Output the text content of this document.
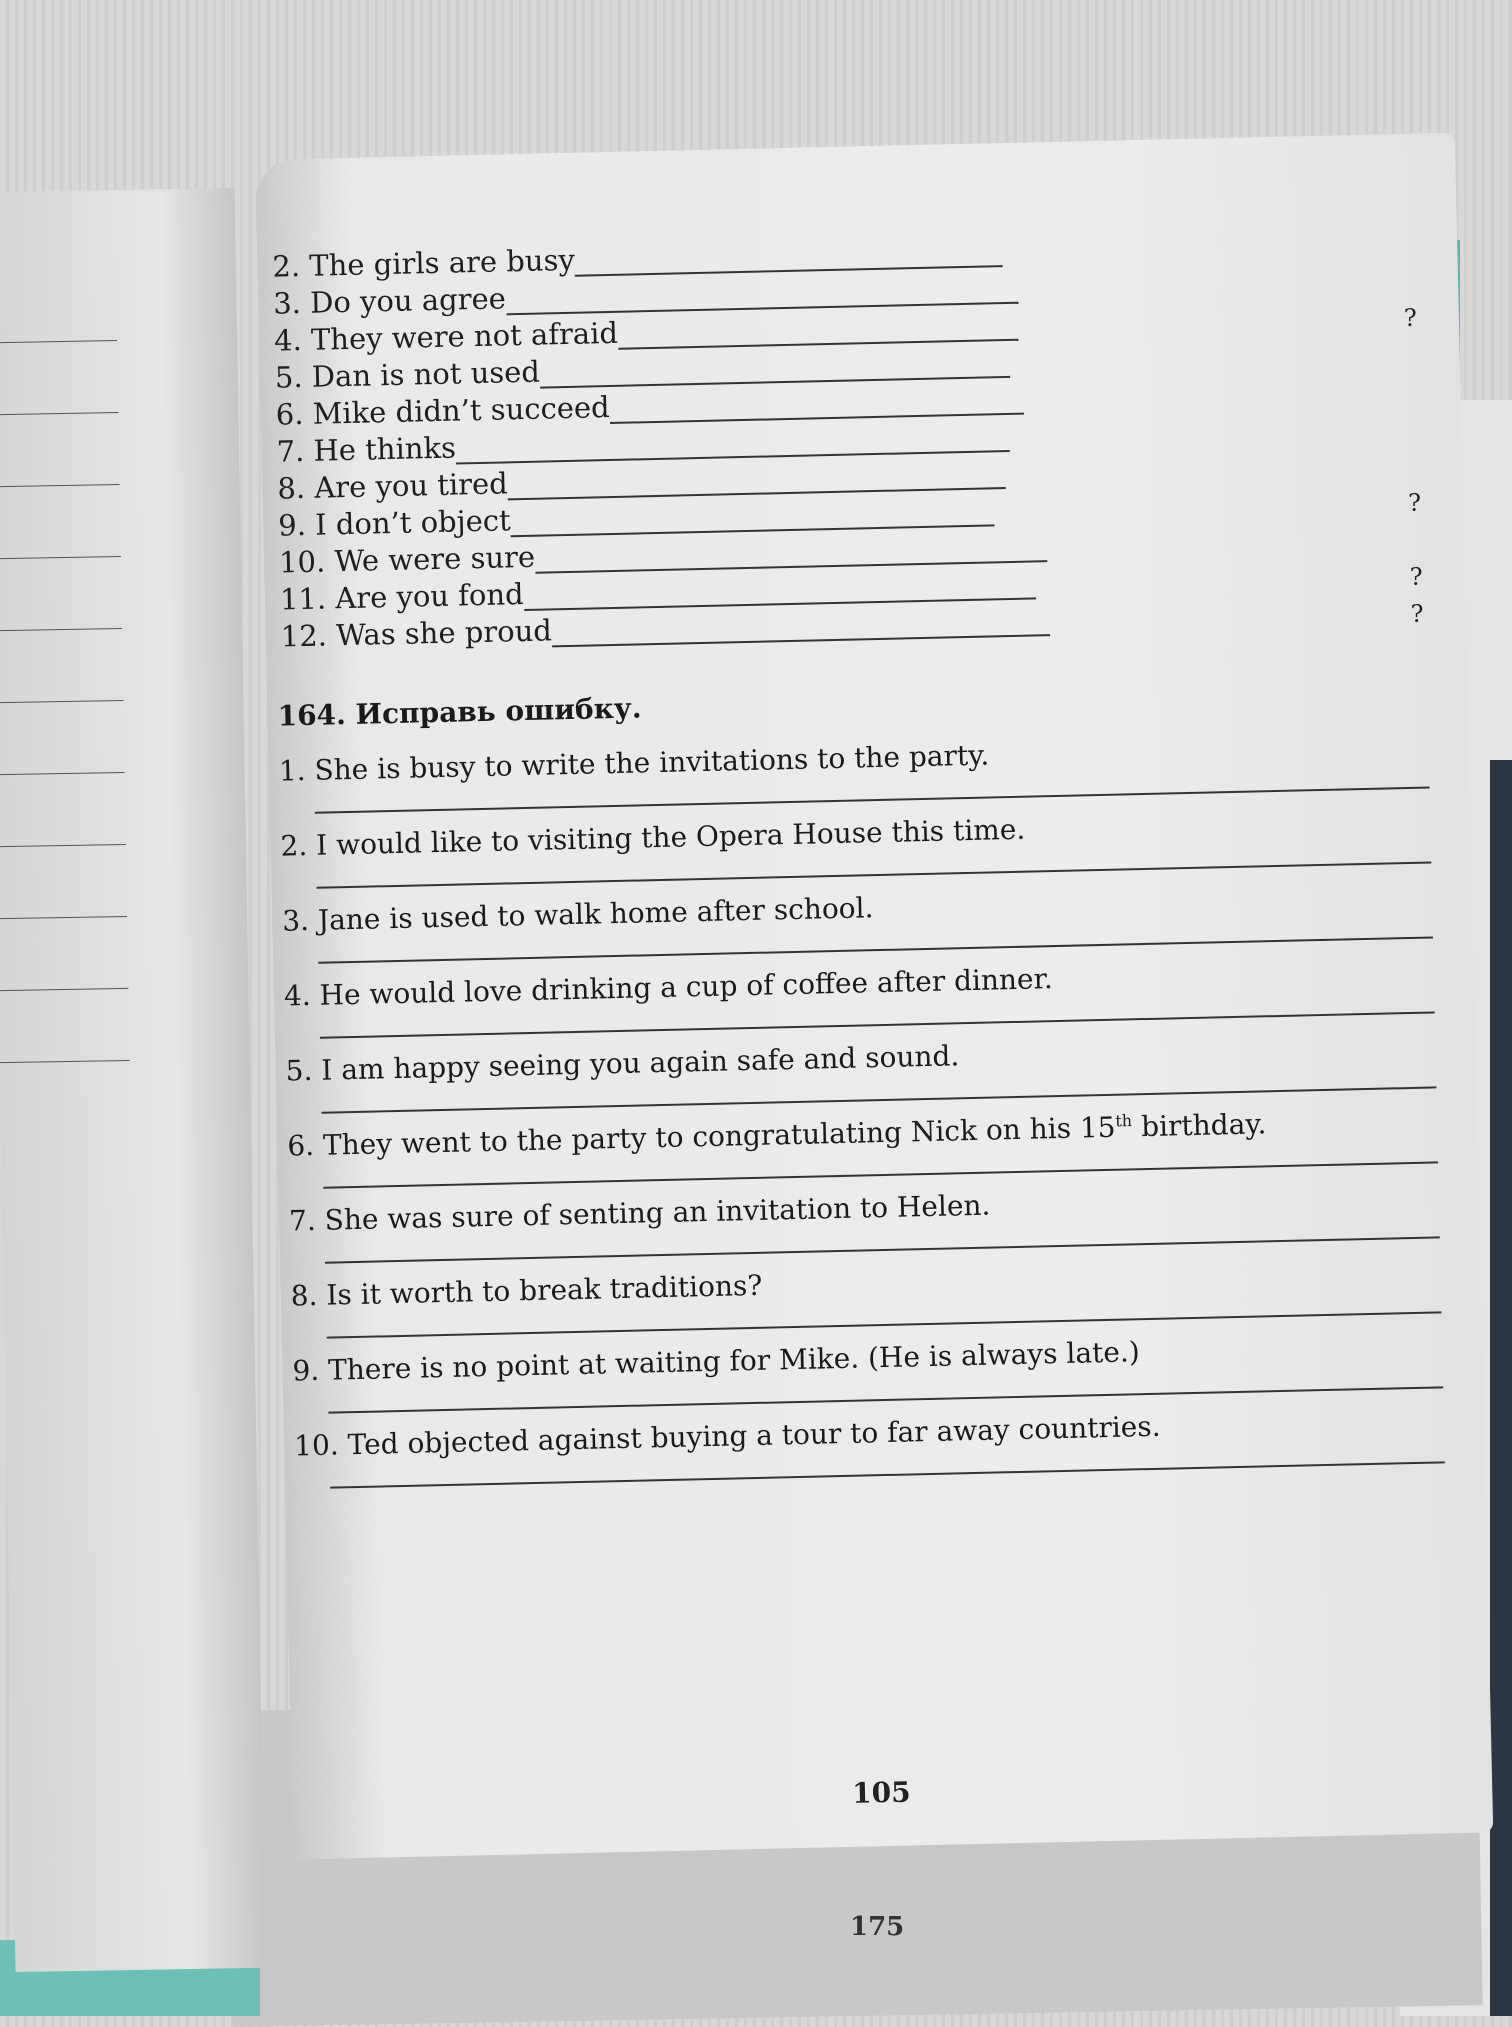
175
2. The girls are busy
3. Do you agree
4. They were not afraid	?
5. Dan is not used
6. Mike didn’t succeed
7. He thinks
8. Are you tired
9. I don’t object
?
10. We were sure
11. Are you fond
?
12. Was she proud	?
164. Исправь ошибку.
1. She is busy to write the invitations to the party.
2. I would like to visiting the Opera House this time.
3. Jane is used to walk home after school.
4. He would love drinking a cup of coffee after dinner.
5. I am happy seeing you again safe and sound.
6. They went to the party to congratulating Nick on his 15th birthday.
7. She was sure of senting an invitation to Helen.
8. Is it worth to break traditions?
9. There is no point at waiting for Mike. (He is always late.)
10. Ted objected against buying a tour to far away countries.
105
